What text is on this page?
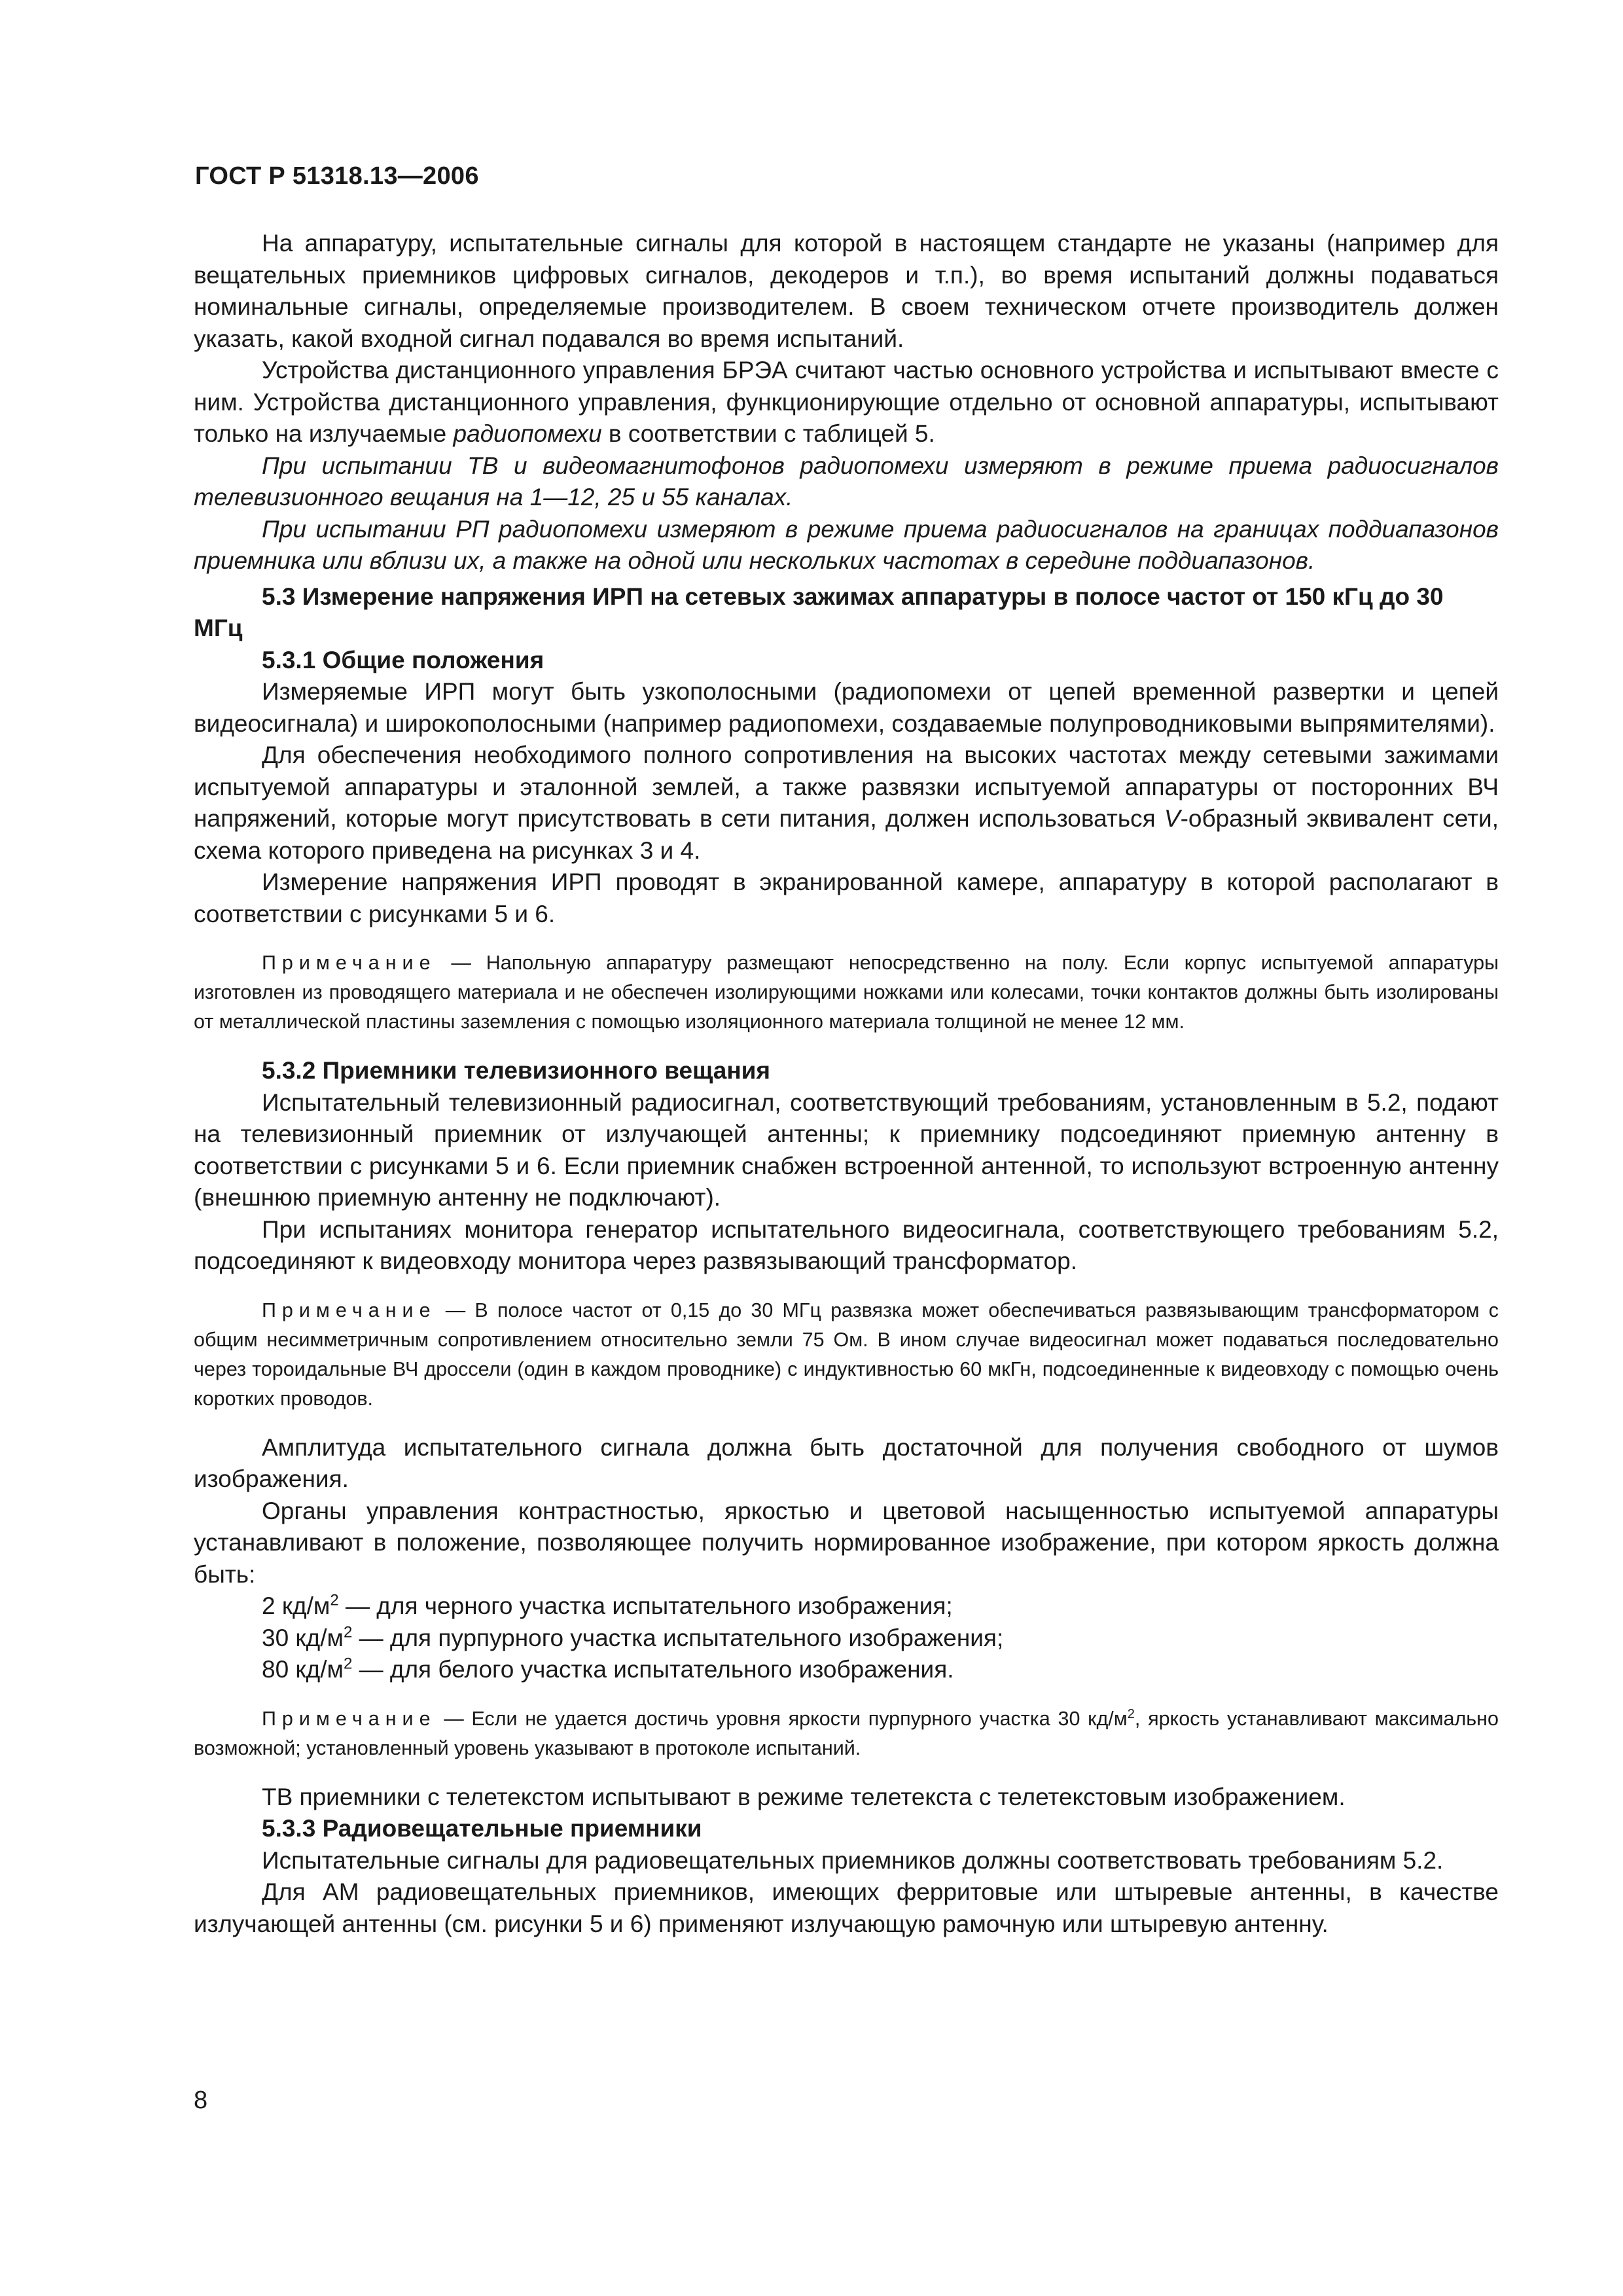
ГОСТ Р 51318.13—2006

На аппаратуру, испытательные сигналы для которой в настоящем стандарте не указаны (например для вещательных приемников цифровых сигналов, декодеров и т.п.), во время испытаний должны подаваться номинальные сигналы, определяемые производителем. В своем техническом отчете производитель должен указать, какой входной сигнал подавался во время испытаний.

Устройства дистанционного управления БРЭА считают частью основного устройства и испытывают вместе с ним. Устройства дистанционного управления, функционирующие отдельно от основной аппаратуры, испытывают только на излучаемые радиопомехи в соответствии с таблицей 5.

При испытании ТВ и видеомагнитофонов радиопомехи измеряют в режиме приема радиосигналов телевизионного вещания на 1—12, 25 и 55 каналах.

При испытании РП радиопомехи измеряют в режиме приема радиосигналов на границах поддиапазонов приемника или вблизи их, а также на одной или нескольких частотах в середине поддиапазонов.

5.3 Измерение напряжения ИРП на сетевых зажимах аппаратуры в полосе частот от 150 кГц до 30 МГц

5.3.1 Общие положения

Измеряемые ИРП могут быть узкополосными (радиопомехи от цепей временной развертки и цепей видеосигнала) и широкополосными (например радиопомехи, создаваемые полупроводниковыми выпрямителями).

Для обеспечения необходимого полного сопротивления на высоких частотах между сетевыми зажимами испытуемой аппаратуры и эталонной землей, а также развязки испытуемой аппаратуры от посторонних ВЧ напряжений, которые могут присутствовать в сети питания, должен использоваться V-образный эквивалент сети, схема которого приведена на рисунках 3 и 4.

Измерение напряжения ИРП проводят в экранированной камере, аппаратуру в которой располагают в соответствии с рисунками 5 и 6.

Примечание — Напольную аппаратуру размещают непосредственно на полу. Если корпус испытуемой аппаратуры изготовлен из проводящего материала и не обеспечен изолирующими ножками или колесами, точки контактов должны быть изолированы от металлической пластины заземления с помощью изоляционного материала толщиной не менее 12 мм.

5.3.2 Приемники телевизионного вещания

Испытательный телевизионный радиосигнал, соответствующий требованиям, установленным в 5.2, подают на телевизионный приемник от излучающей антенны; к приемнику подсоединяют приемную антенну в соответствии с рисунками 5 и 6. Если приемник снабжен встроенной антенной, то используют встроенную антенну (внешнюю приемную антенну не подключают).

При испытаниях монитора генератор испытательного видеосигнала, соответствующего требованиям 5.2, подсоединяют к видеовходу монитора через развязывающий трансформатор.

Примечание — В полосе частот от 0,15 до 30 МГц развязка может обеспечиваться развязывающим трансформатором с общим несимметричным сопротивлением относительно земли 75 Ом. В ином случае видеосигнал может подаваться последовательно через тороидальные ВЧ дроссели (один в каждом проводнике) с индуктивностью 60 мкГн, подсоединенные к видеовходу с помощью очень коротких проводов.

Амплитуда испытательного сигнала должна быть достаточной для получения свободного от шумов изображения.

Органы управления контрастностью, яркостью и цветовой насыщенностью испытуемой аппаратуры устанавливают в положение, позволяющее получить нормированное изображение, при котором яркость должна быть:

2 $кд/м^2$ — для черного участка испытательного изображения;

30 $кд/м^2$ — для пурпурного участка испытательного изображения;

80 $кд/м^2$ — для белого участка испытательного изображения.

Примечание — Если не удается достичь уровня яркости пурпурного участка 30 $кд/м^2$, яркость устанавливают максимально возможной; установленный уровень указывают в протоколе испытаний.

ТВ приемники с телетекстом испытывают в режиме телетекста с телетекстовым изображением.

5.3.3 Радиовещательные приемники

Испытательные сигналы для радиовещательных приемников должны соответствовать требованиям 5.2.

Для АМ радиовещательных приемников, имеющих ферритовые или штыревые антенны, в качестве излучающей антенны (см. рисунки 5 и 6) применяют излучающую рамочную или штыревую антенну.

8
